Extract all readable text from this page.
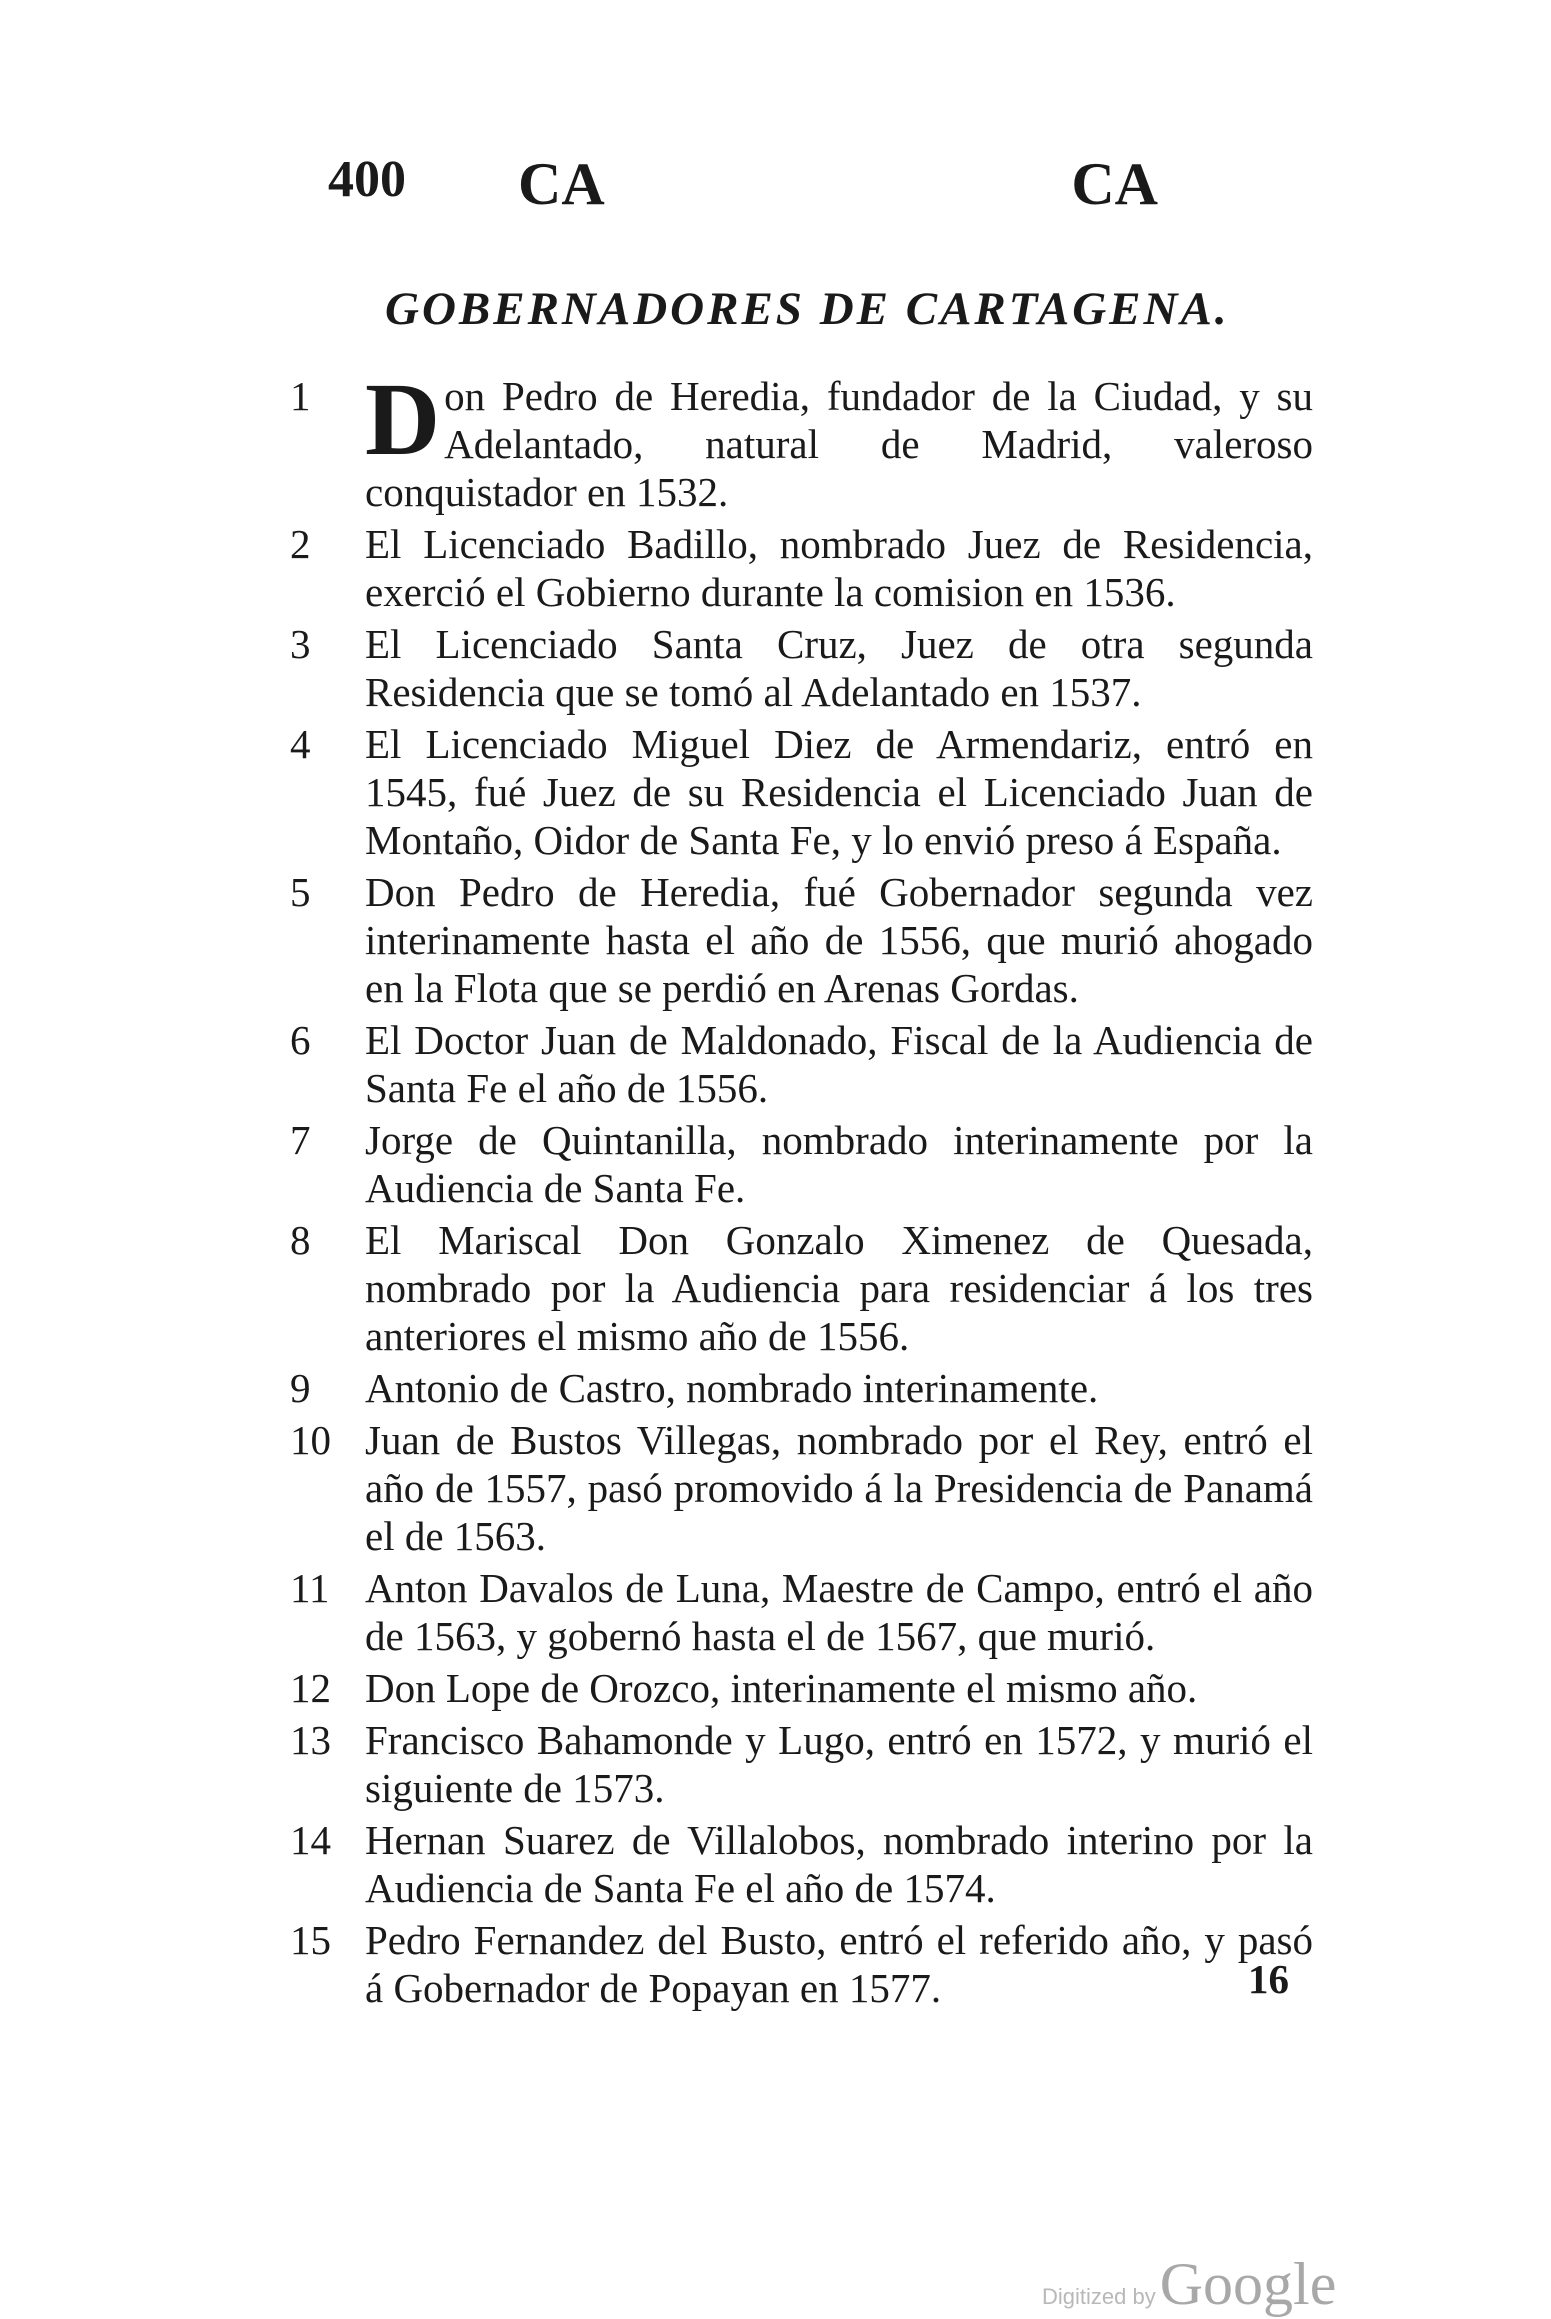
400 CA	CA
GOBERNADORES DE CARTAGENA.
1 Don Pedro de Heredia, fundador de la Ciudad, y su Adelantado, natural de Madrid, valeroso conquistador en 1532.
2	El Licenciado Badillo, nombrado Juez de Residencia, exerció el Gobierno durante la comision en 1536.
3	El Licenciado Santa Cruz, Juez de otra segunda Residencia que se tomó al Adelantado en 1537.
4	El Licenciado Miguel Diez de Armendariz, entró en 1545, fué Juez de su Residencia el Licenciado Juan de Montaño, Oidor de Santa Fe, y lo envió preso á España.
5	Don Pedro de Heredia, fué Gobernador segunda vez interinamente hasta el año de 1556, que murió ahogado en la Flota que se perdió en Arenas Gordas.
6	El Doctor Juan de Maldonado, Fiscal de la Audiencia de Santa Fe el año de 1556.
7	Jorge de Quintanilla, nombrado interinamente por la Audiencia de Santa Fe.
8	El Mariscal Don Gonzalo Ximenez de Quesada, nombrado por la Audiencia para residenciar á los tres anteriores el mismo año de 1556.
9	Antonio de Castro, nombrado interinamente.
10 Juan de Bustos Villegas, nombrado por el Rey, entró el año de 1557, pasó promovido á la Presidencia de Panamá el de 1563.
11 Anton Davalos de Luna, Maestre de Campo, entró el año de 1563, y gobernó hasta el de 1567, que murió.
12 Don Lope de Orozco, interinamente el mismo año.
13 Francisco Bahamonde y Lugo, entró en 1572, y murió el siguiente de 1573.
14 Hernan Suarez de Villalobos, nombrado interino por la Audiencia de Santa Fe el año de 1574.
15 Pedro Fernandez del Busto, entró el referido año, y pasó á Gobernador de Popayan en 1577.	16
Digitized by Google
